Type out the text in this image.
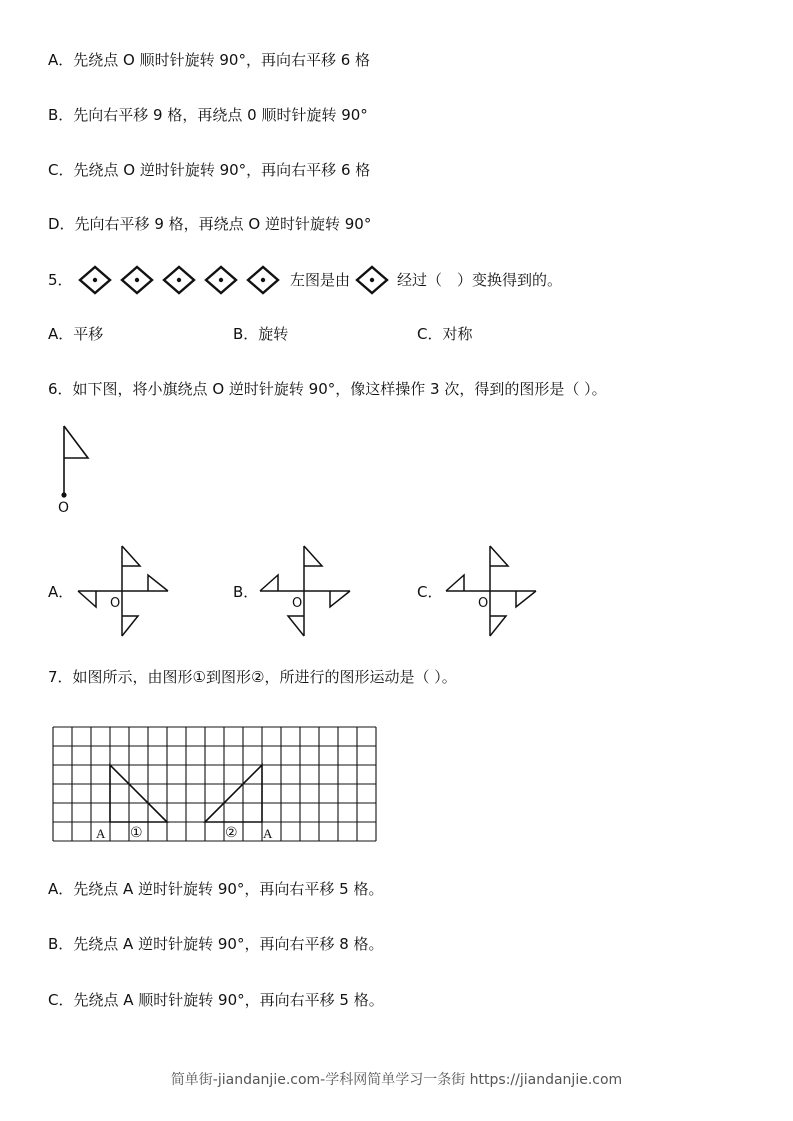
A．先绕点 O 顺时针旋转 90°，再向右平移 6 格
B．先向右平移 9 格，再绕点 0 顺时针旋转 90°
C．先绕点 O 逆时针旋转 90°，再向右平移 6 格
D．先向右平移 9 格，再绕点 O 逆时针旋转 90°
5．	左图是由	经过（　）变换得到的。
A．平移	B．旋转	C．对称
6．如下图，将小旗绕点 O 逆时针旋转 90°，像这样操作 3 次，得到的图形是（ ）。
O
A．
O
B．
O
C．
O
7．如图所示，由图形①到图形②，所进行的图形运动是（ ）。
A ①	② A
A．先绕点 A 逆时针旋转 90°，再向右平移 5 格。
B．先绕点 A 逆时针旋转 90°，再向右平移 8 格。
C．先绕点 A 顺时针旋转 90°，再向右平移 5 格。
简单街-jiandanjie.com-学科网简单学习一条街 https://jiandanjie.com
